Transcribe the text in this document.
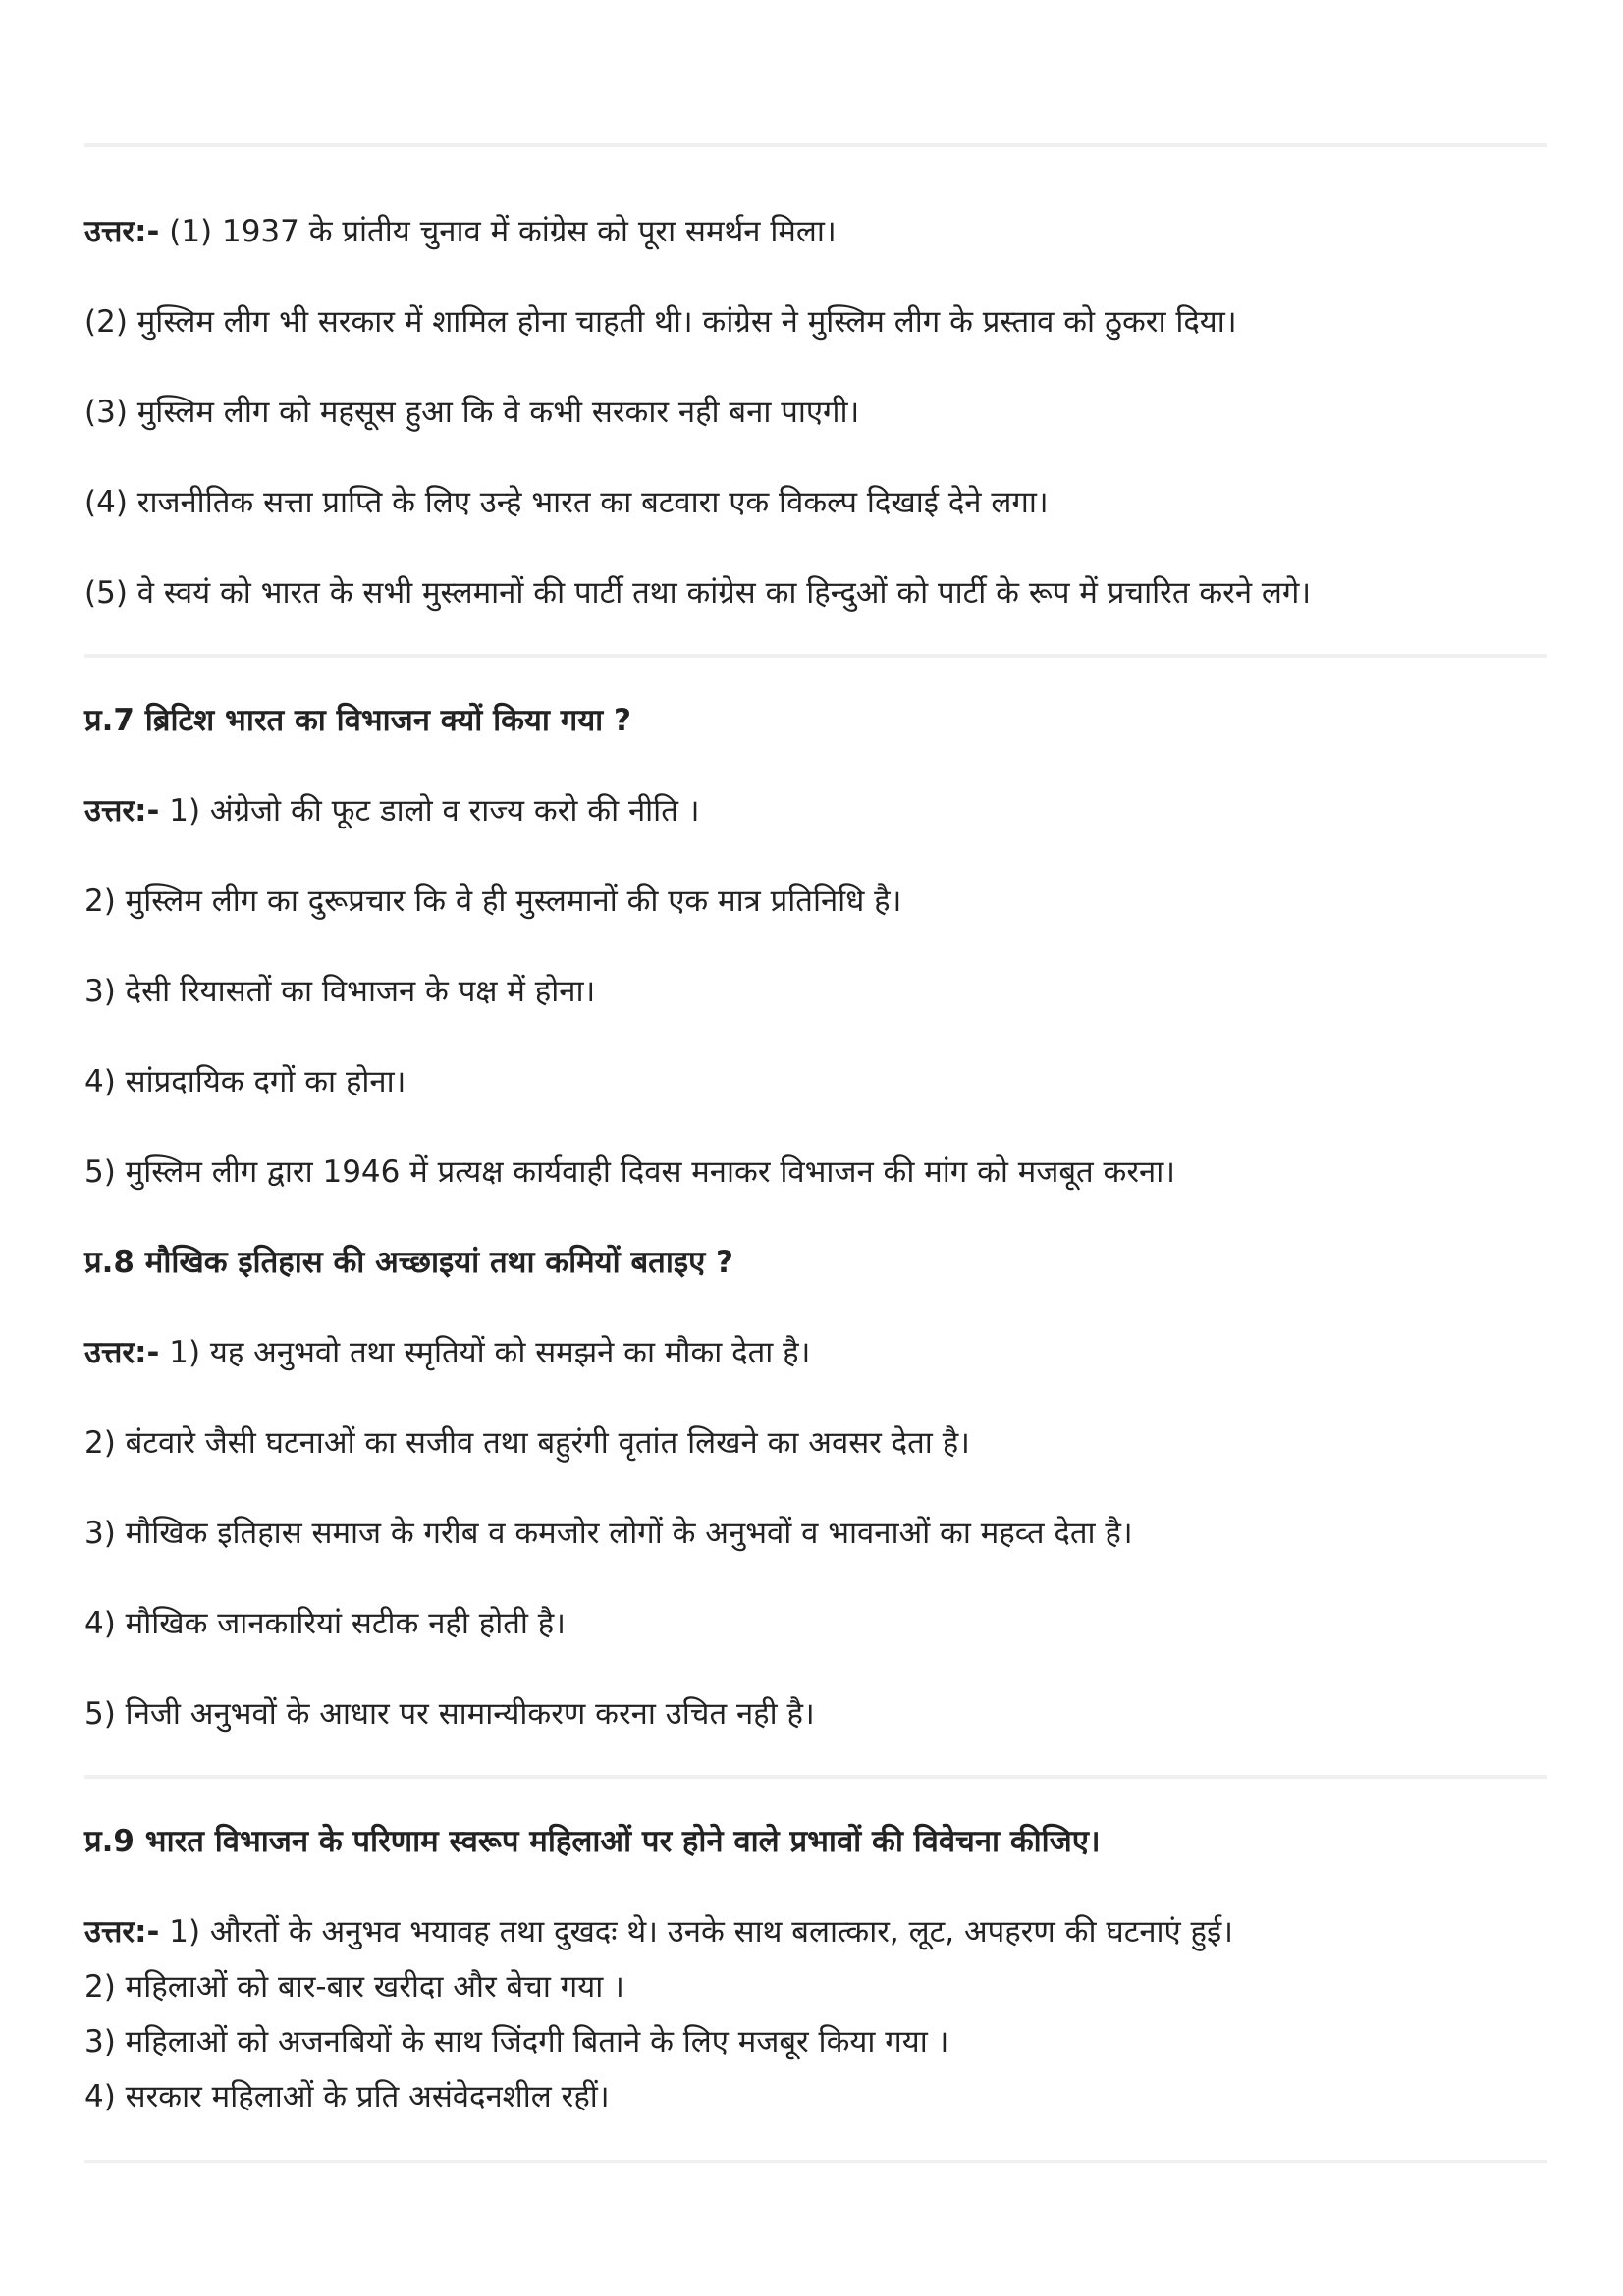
उत्तर:- (1) 1937 के प्रांतीय चुनाव में कांग्रेस को पूरा समर्थन मिला।
(2) मुस्लिम लीग भी सरकार में शामिल होना चाहती थी। कांग्रेस ने मुस्लिम लीग के प्रस्ताव को ठुकरा दिया।
(3) मुस्लिम लीग को महसूस हुआ कि वे कभी सरकार नही बना पाएगी।
(4) राजनीतिक सत्ता प्राप्ति के लिए उन्हे भारत का बटवारा एक विकल्प दिखाई देने लगा।
(5) वे स्वयं को भारत के सभी मुस्लमानों की पार्टी तथा कांग्रेस का हिन्दुओं को पार्टी के रूप में प्रचारित करने लगे।
प्र.7 ब्रिटिश भारत का विभाजन क्यों किया गया ?
उत्तर:- 1) अंग्रेजो की फूट डालो व राज्य करो की नीति ।
2) मुस्लिम लीग का दुरूप्रचार कि वे ही मुस्लमानों की एक मात्र प्रतिनिधि है।
3) देसी रियासतों का विभाजन के पक्ष में होना।
4) सांप्रदायिक दगों का होना।
5) मुस्लिम लीग द्वारा 1946 में प्रत्यक्ष कार्यवाही दिवस मनाकर विभाजन की मांग को मजबूत करना।
प्र.8 मौखिक इतिहास की अच्छाइयां तथा कमियों बताइए ?
उत्तर:- 1) यह अनुभवो तथा स्मृतियों को समझने का मौका देता है।
2) बंटवारे जैसी घटनाओं का सजीव तथा बहुरंगी वृतांत लिखने का अवसर देता है।
3) मौखिक इतिहास समाज के गरीब व कमजोर लोगों के अनुभवों व भावनाओं का महव्त देता है।
4) मौखिक जानकारियां सटीक नही होती है।
5) निजी अनुभवों के आधार पर सामान्यीकरण करना उचित नही है।
प्र.9 भारत विभाजन के परिणाम स्वरूप महिलाओं पर होने वाले प्रभावों की विवेचना कीजिए।
उत्तर:- 1) औरतों के अनुभव भयावह तथा दुखदः थे। उनके साथ बलात्कार, लूट, अपहरण की घटनाएं हुई।
2) महिलाओं को बार-बार खरीदा और बेचा गया ।
3) महिलाओं को अजनबियों के साथ जिंदगी बिताने के लिए मजबूर किया गया ।
4) सरकार महिलाओं के प्रति असंवेदनशील रहीं।
